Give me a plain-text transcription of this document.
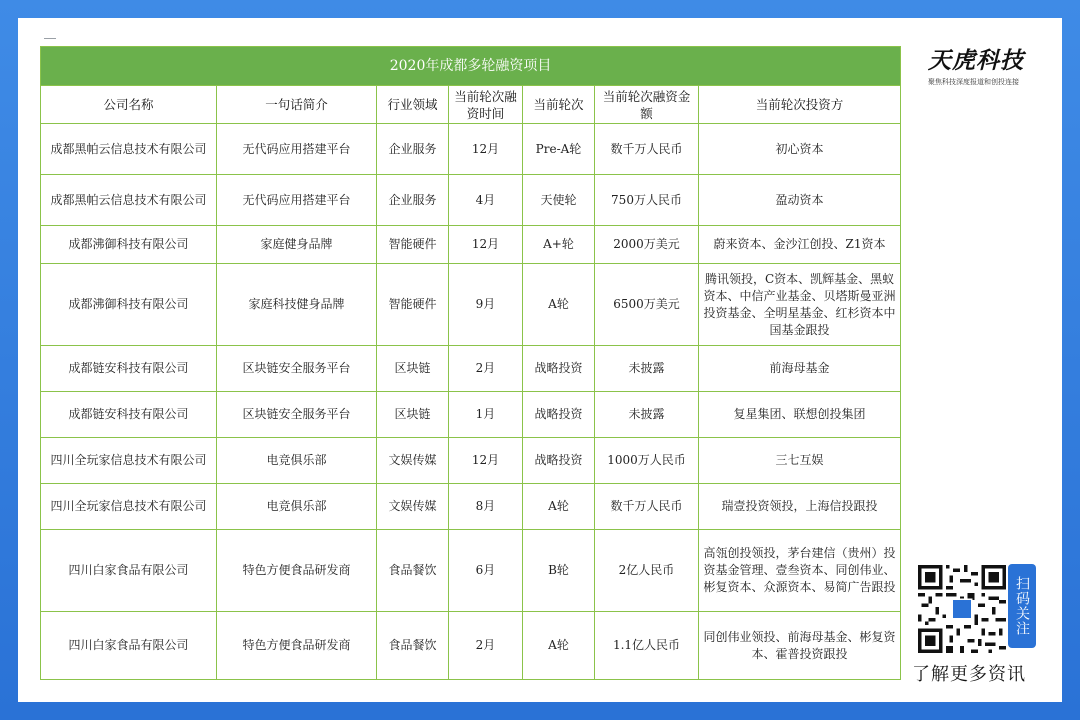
2020年成都多轮融资项目						
公司名称	一句话简介	行业领域	当前轮次融资时间	当前轮次	当前轮次融资金额	当前轮次投资方
成都黑帕云信息技术有限公司	无代码应用搭建平台	企业服务	12月	Pre-A轮	数千万人民币	初心资本
成都黑帕云信息技术有限公司	无代码应用搭建平台	企业服务	4月	天使轮	750万人民币	盈动资本
成都沸御科技有限公司	家庭健身品牌	智能硬件	12月	A+轮	2000万美元	蔚来资本、金沙江创投、Z1资本
成都沸御科技有限公司	家庭科技健身品牌	智能硬件	9月	A轮	6500万美元	腾讯领投，C资本、凯辉基金、黑蚁资本、中信产业基金、贝塔斯曼亚洲投资基金、全明星基金、红杉资本中国基金跟投
成都链安科技有限公司	区块链安全服务平台	区块链	2月	战略投资	未披露	前海母基金
成都链安科技有限公司	区块链安全服务平台	区块链	1月	战略投资	未披露	复星集团、联想创投集团
四川全玩家信息技术有限公司	电竞俱乐部	文娱传媒	12月	战略投资	1000万人民币	三七互娱
四川全玩家信息技术有限公司	电竞俱乐部	文娱传媒	8月	A轮	数千万人民币	瑞壹投资领投，上海信投跟投
四川白家食品有限公司	特色方便食品研发商	食品餐饮	6月	B轮	2亿人民币	高瓴创投领投，茅台建信（贵州）投资基金管理、壹叁资本、同创伟业、彬复资本、众源资本、易简广告跟投
四川白家食品有限公司	特色方便食品研发商	食品餐饮	2月	A轮	1.1亿人民币	同创伟业领投、前海母基金、彬复资本、霍普投资跟投
天虎科技
聚焦科技深度报道和创投连接
扫码关注
了解更多资讯
